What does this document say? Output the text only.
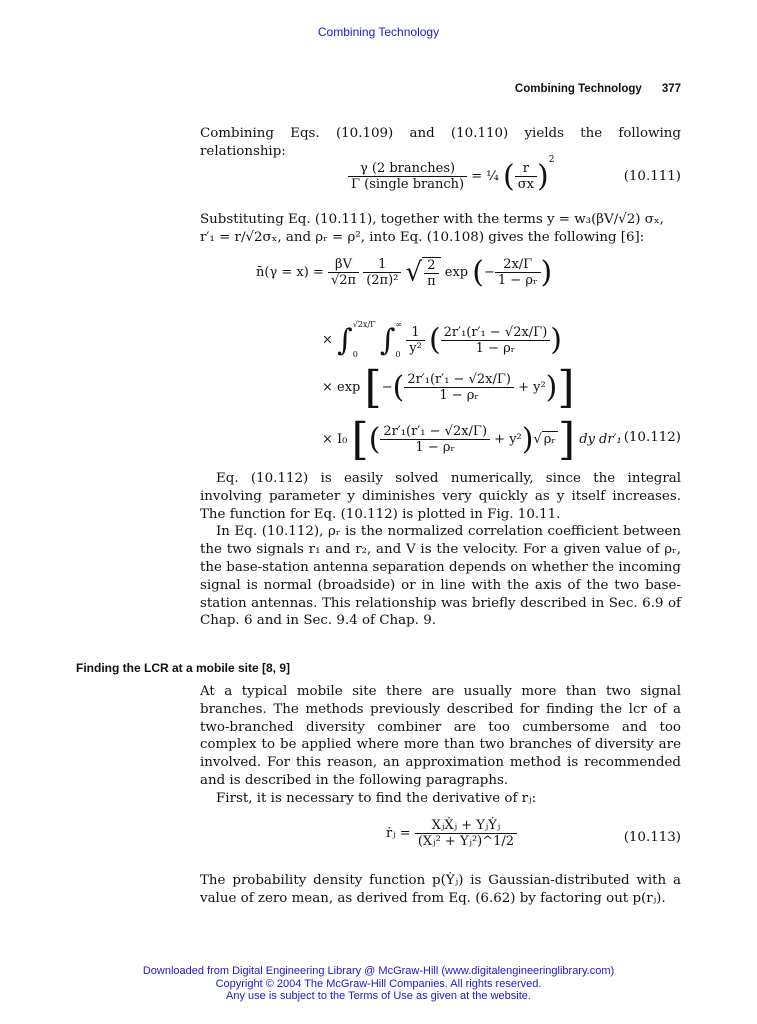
Combining Technology
Combining Technology 377

Combining Eqs. (10.109) and (10.110) yields the following relationship:

$\frac{\text{γ (2 branches)}}{\text{Γ (single branch)}}$ = ¼ ( $\frac{r}{\sigma x} )^2$
(10.111)

Substituting Eq. (10.111), together with the terms y = w₃(βV/√2) σₓ,

r′₁ = r/√2σₓ, and ρᵣ = ρ², into Eq. (10.108) gives the following [6]:

n̄(γ = $x) = \frac{\beta V}{√2\pi}$
$\frac{1}{\text{(2π)²}}$ √ $\frac{2}{\pi}$ exp (− $\frac{2x/\Gamma}{\text{1 − ρᵣ}}$ )
× ∫ √2x/Γ
0 ∫ ∞
0
$\frac{1}{\text{y²}}$ ( $\frac{\text{2r′₁(r′₁ − √2x/Γ)}}{\text{1 − ρᵣ}}$ )
× exp [−( $\frac{\text{2r′₁(r′₁ − √2x/Γ)}}{\text{1 − ρᵣ}} + y^2$)]
× I₀ [( $\frac{\text{2r′₁(r′₁ − √2x/Γ)}}{\text{1 − ρᵣ}} + y^2)√$ ρᵣ] dy dr′₁ (10.112)

Eq. (10.112) is easily solved numerically, since the integral involving parameter y diminishes very quickly as y itself increases. The function for Eq. (10.112) is plotted in Fig. 10.11.

In Eq. (10.112), ρᵣ is the normalized correlation coefficient between the two signals r₁ and r₂, and V is the velocity. For a given value of ρᵣ, the base-station antenna separation depends on whether the incoming signal is normal (broadside) or in line with the axis of the two base-station antennas. This relationship was briefly described in Sec. 6.9 of Chap. 6 and in Sec. 9.4 of Chap. 9.

Finding the LCR at a mobile site [8, 9]

At a typical mobile site there are usually more than two signal branches. The methods previously described for finding the lcr of a two-branched diversity combiner are too cumbersome and too complex to be applied where more than two branches of diversity are involved. For this reason, an approximation method is recommended and is described in the following paragraphs.

First, it is necessary to find the derivative of rⱼ:

ṙⱼ = $\frac{\text{XⱼẊⱼ + YⱼẎⱼ}}{\text{(Xⱼ² + Yⱼ²)\textasciicircum{}1/2}}$	(10.113)

The probability density function p(Ẏⱼ) is Gaussian-distributed with a value of zero mean, as derived from Eq. (6.62) by factoring out p(rⱼ).

Downloaded from Digital Engineering Library @ McGraw-Hill (www.digitalengineeringlibrary.com)
Copyright © 2004 The McGraw-Hill Companies. All rights reserved.
Any use is subject to the Terms of Use as given at the website.
